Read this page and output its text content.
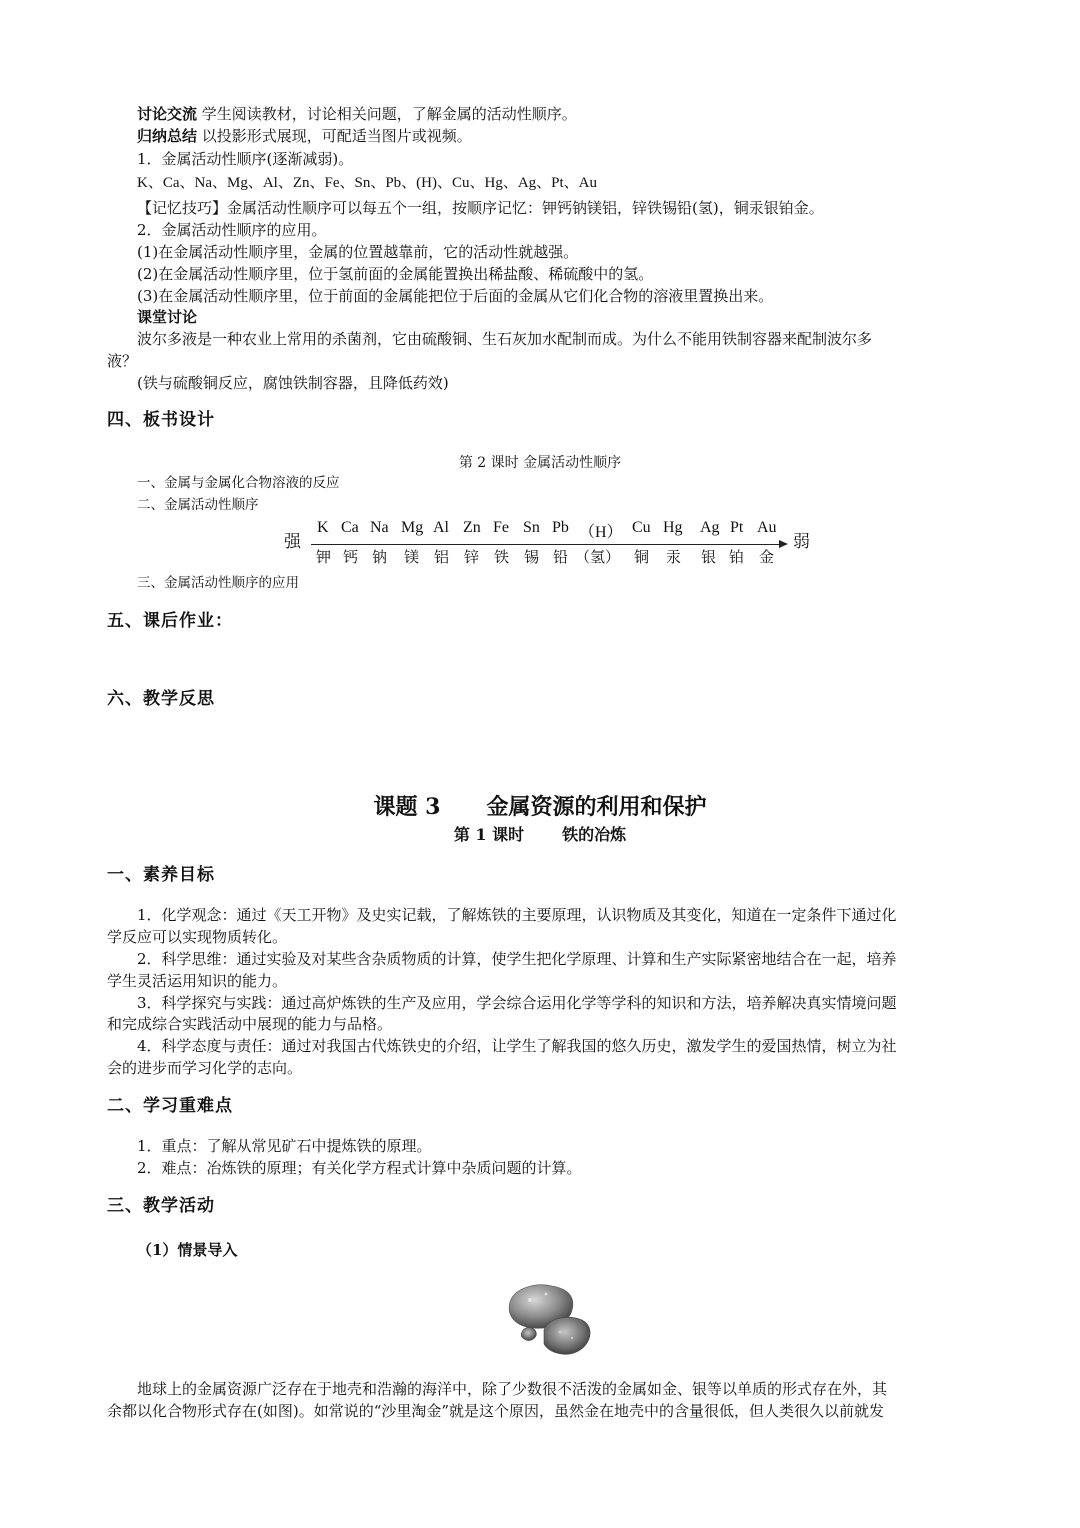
讨论交流 学生阅读教材，讨论相关问题，了解金属的活动性顺序。
归纳总结 以投影形式展现，可配适当图片或视频。
1．金属活动性顺序(逐渐减弱)。
K、Ca、Na、Mg、Al、Zn、Fe、Sn、Pb、(H)、Cu、Hg、Ag、Pt、Au
【记忆技巧】金属活动性顺序可以每五个一组，按顺序记忆：钾钙钠镁铝，锌铁锡铅(氢)，铜汞银铂金。
2．金属活动性顺序的应用。
(1)在金属活动性顺序里，金属的位置越靠前，它的活动性就越强。
(2)在金属活动性顺序里，位于氢前面的金属能置换出稀盐酸、稀硫酸中的氢。
(3)在金属活动性顺序里，位于前面的金属能把位于后面的金属从它们化合物的溶液里置换出来。
课堂讨论
波尔多液是一种农业上常用的杀菌剂，它由硫酸铜、生石灰加水配制而成。为什么不能用铁制容器来配制波尔多
液？
(铁与硫酸铜反应，腐蚀铁制容器，且降低药效)
四、板书设计
第 2 课时 金属活动性顺序
一、金属与金属化合物溶液的反应
二、金属活动性顺序
强	弱
K Ca Na Mg Al Zn Fe Sn Pb （H） Cu Hg Ag Pt Au
钾 钙 钠 镁 铝 锌 铁 锡 铅 （氢） 铜 汞 银 铂 金
三、金属活动性顺序的应用
五、课后作业：
六、教学反思
课题 3 金属资源的利用和保护
第 1 课时 铁的冶炼
一、素养目标
1．化学观念：通过《天工开物》及史实记载，了解炼铁的主要原理，认识物质及其变化，知道在一定条件下通过化
学反应可以实现物质转化。
2．科学思维：通过实验及对某些含杂质物质的计算，使学生把化学原理、计算和生产实际紧密地结合在一起，培养
学生灵活运用知识的能力。
3．科学探究与实践：通过高炉炼铁的生产及应用，学会综合运用化学等学科的知识和方法，培养解决真实情境问题
和完成综合实践活动中展现的能力与品格。
4．科学态度与责任：通过对我国古代炼铁史的介绍，让学生了解我国的悠久历史，激发学生的爱国热情，树立为社
会的进步而学习化学的志向。
二、学习重难点
1．重点：了解从常见矿石中提炼铁的原理。
2．难点：冶炼铁的原理；有关化学方程式计算中杂质问题的计算。
三、教学活动
（1）情景导入
地球上的金属资源广泛存在于地壳和浩瀚的海洋中，除了少数很不活泼的金属如金、银等以单质的形式存在外，其
余都以化合物形式存在(如图)。如常说的“沙里淘金”就是这个原因，虽然金在地壳中的含量很低，但人类很久以前就发
